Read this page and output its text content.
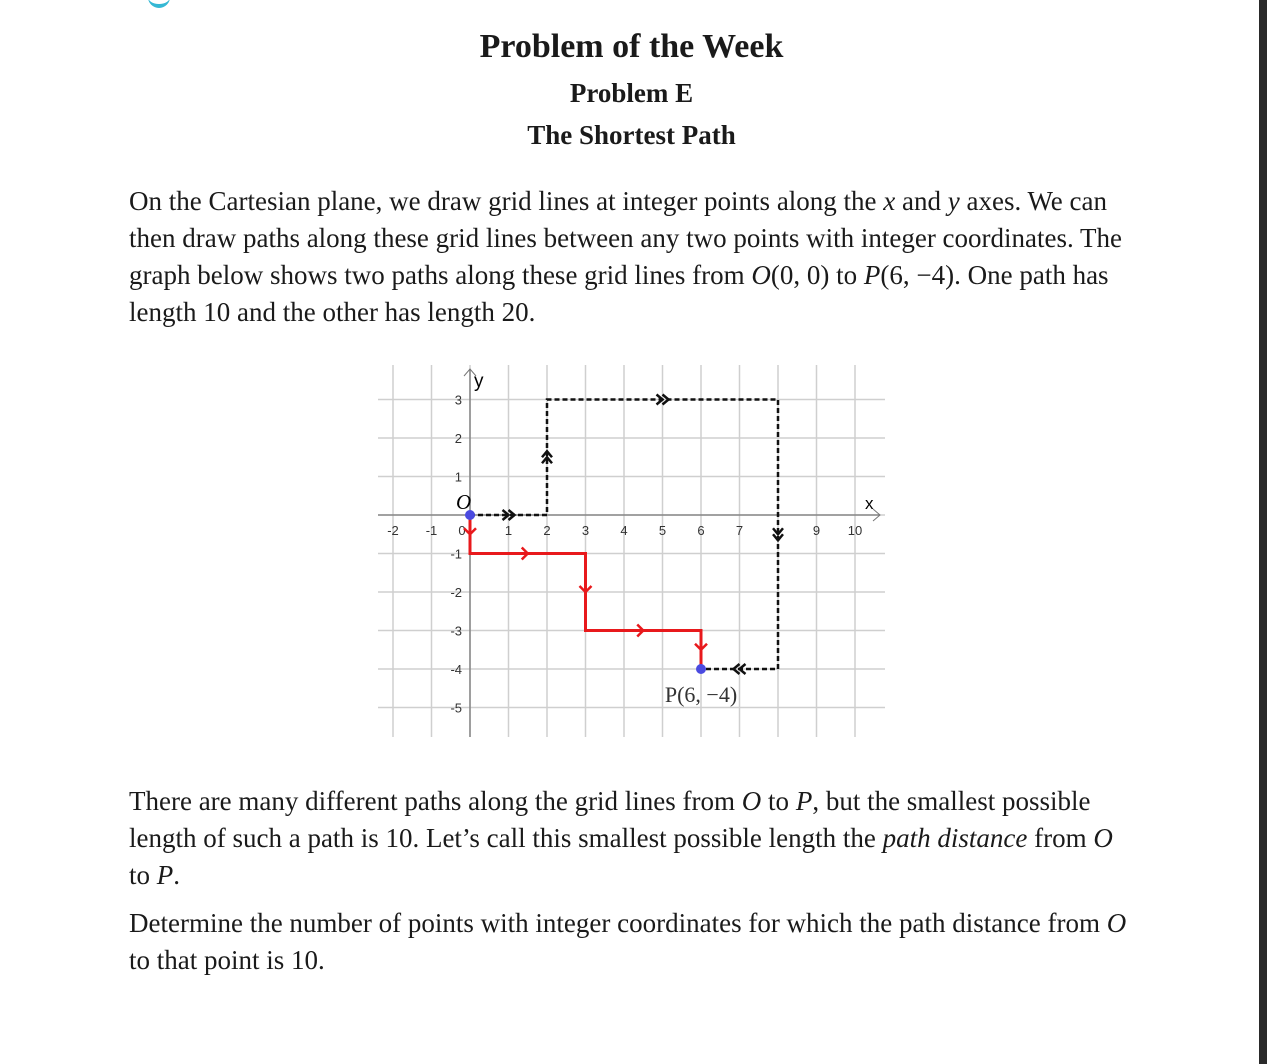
Problem of the Week
Problem E
The Shortest Path
On the Cartesian plane, we draw grid lines at integer points along the x and y axes. We can then draw paths along these grid lines between any two points with integer coordinates. The graph below shows two paths along these grid lines from O(0, 0) to P(6, −4). One path has length 10 and the other has length 20.
x
y
-2 -1 0	1 2 3 4 5 6 7	9 10
3
2
1
-1
-2
-3
-4
-5
O
P(6, −4)
There are many different paths along the grid lines from O to P, but the smallest possible length of such a path is 10. Let’s call this smallest possible length the path distance from O to P.
Determine the number of points with integer coordinates for which the path distance from O to that point is 10.
